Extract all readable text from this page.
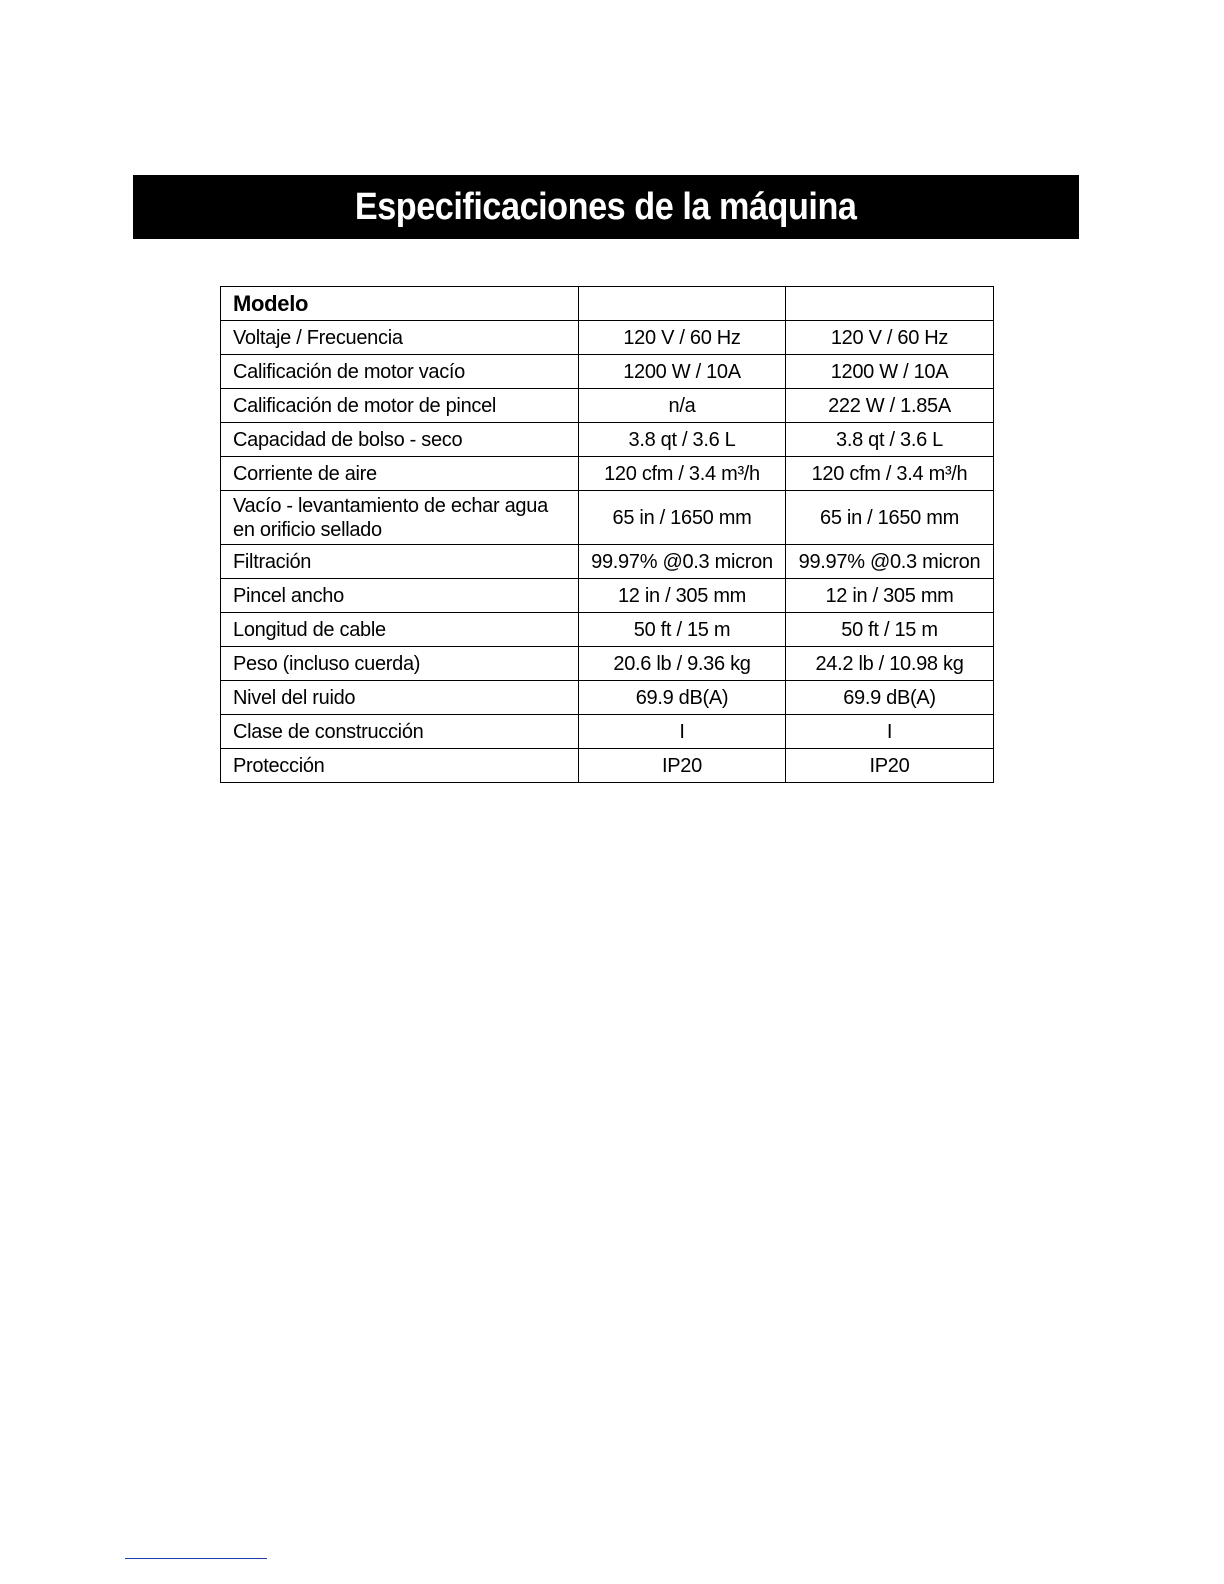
Especificaciones de la máquina
Modelo		
Voltaje / Frecuencia	120 V / 60 Hz	120 V / 60 Hz
Calificación de motor vacío	1200 W / 10A	1200 W / 10A
Calificación de motor de pincel	n/a	222 W / 1.85A
Capacidad de bolso - seco	3.8 qt / 3.6 L	3.8 qt / 3.6 L
Corriente de aire	120 cfm / 3.4 m³/h	120 cfm / 3.4 m³/h
Vacío - levantamiento de echar agua en orificio sellado	65 in / 1650 mm	65 in / 1650 mm
Filtración	99.97% @0.3 micron	99.97% @0.3 micron
Pincel ancho	12 in / 305 mm	12 in / 305 mm
Longitud de cable	50 ft / 15 m	50 ft / 15 m
Peso (incluso cuerda)	20.6 lb / 9.36 kg	24.2 lb / 10.98 kg
Nivel del ruido	69.9 dB(A)	69.9 dB(A)
Clase de construcción	I	I
Protección	IP20	IP20
